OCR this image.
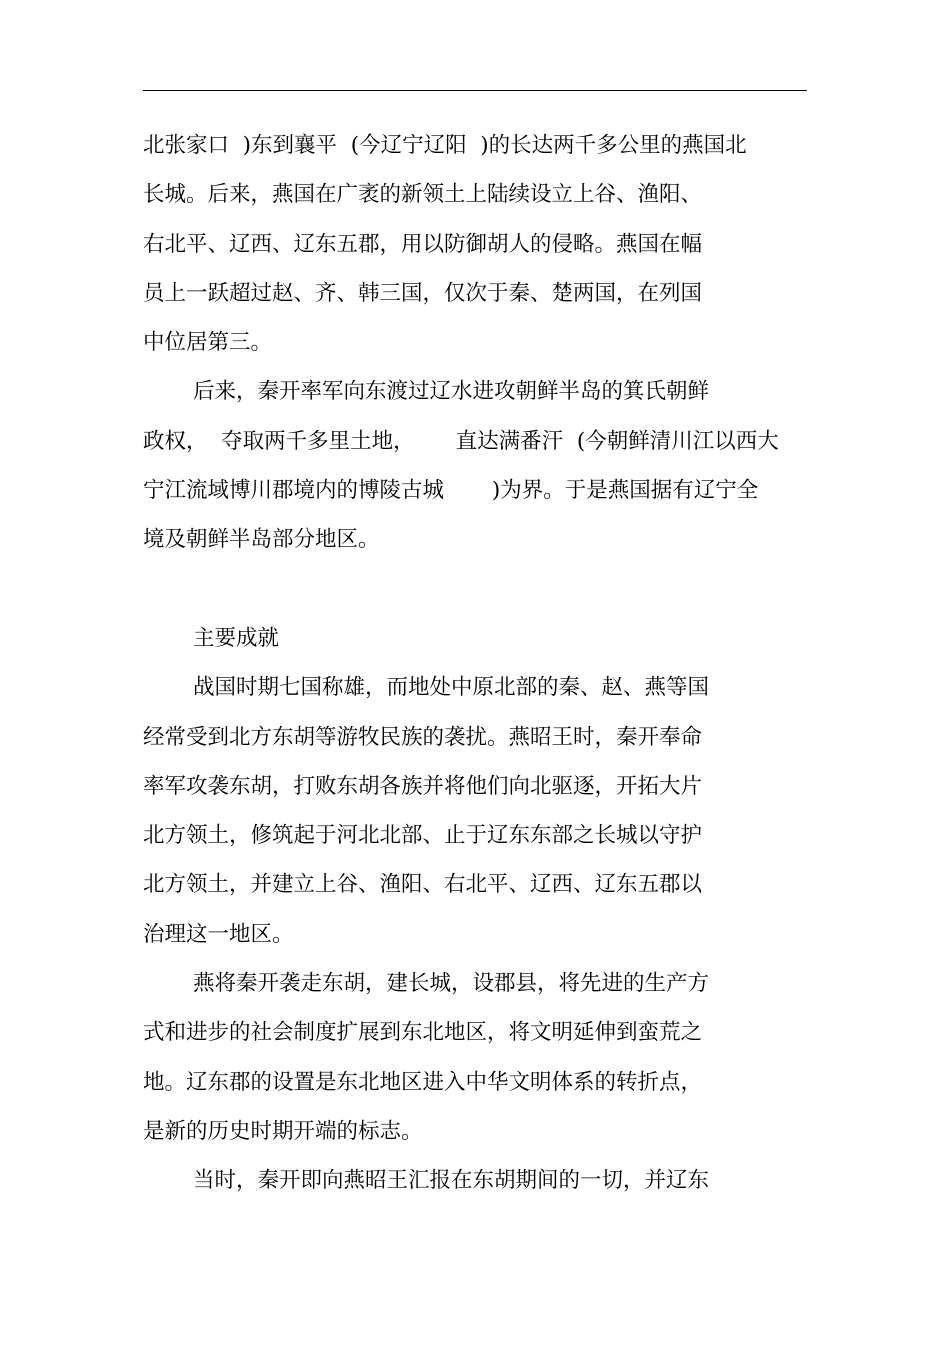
北张家口  )东到襄平  (今辽宁辽阳  )的长达两千多公里的燕国北
长城。后来，燕国在广袤的新领土上陆续设立上谷、渔阳、
右北平、辽西、辽东五郡，用以防御胡人的侵略。燕国在幅
员上一跃超过赵、齐、韩三国，仅次于秦、楚两国，在列国
中位居第三。
后来，秦开率军向东渡过辽水进攻朝鲜半岛的箕氏朝鲜
政权，  夺取两千多里土地，      直达满番汗  (今朝鲜清川江以西大
宁江流域博川郡境内的博陵古城       )为界。于是燕国据有辽宁全
境及朝鲜半岛部分地区。
主要成就
战国时期七国称雄，而地处中原北部的秦、赵、燕等国
经常受到北方东胡等游牧民族的袭扰。燕昭王时，秦开奉命
率军攻袭东胡，打败东胡各族并将他们向北驱逐，开拓大片
北方领土，修筑起于河北北部、止于辽东东部之长城以守护
北方领土，并建立上谷、渔阳、右北平、辽西、辽东五郡以
治理这一地区。
燕将秦开袭走东胡，建长城，设郡县，将先进的生产方
式和进步的社会制度扩展到东北地区，将文明延伸到蛮荒之
地。辽东郡的设置是东北地区进入中华文明体系的转折点，
是新的历史时期开端的标志。
当时，秦开即向燕昭王汇报在东胡期间的一切，并辽东
